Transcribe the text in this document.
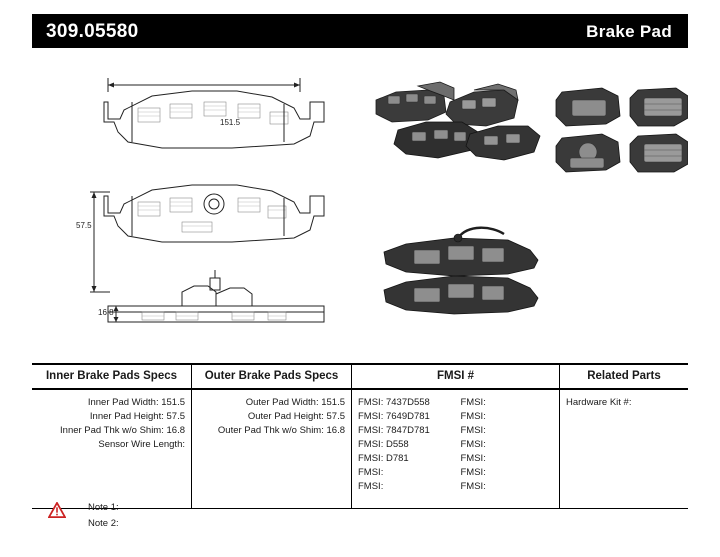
309.05580	Brake Pad
151.5
57.5
16.8
Inner Brake Pads Specs	Outer Brake Pads Specs	FMSI #	Related Parts
Inner Pad Width: 151.5
Inner Pad Height: 57.5
Inner Pad Thk w/o Shim: 16.8
Sensor Wire Length:
Outer Pad Width: 151.5
Outer Pad Height: 57.5
Outer Pad Thk w/o Shim: 16.8
FMSI: 7437D558	FMSI:
FMSI: 7649D781	FMSI:
FMSI: 7847D781	FMSI:
FMSI: D558	FMSI:
FMSI: D781	FMSI:
FMSI:	FMSI:
FMSI:	FMSI:
Hardware Kit #:
Note 1:
Note 2:
